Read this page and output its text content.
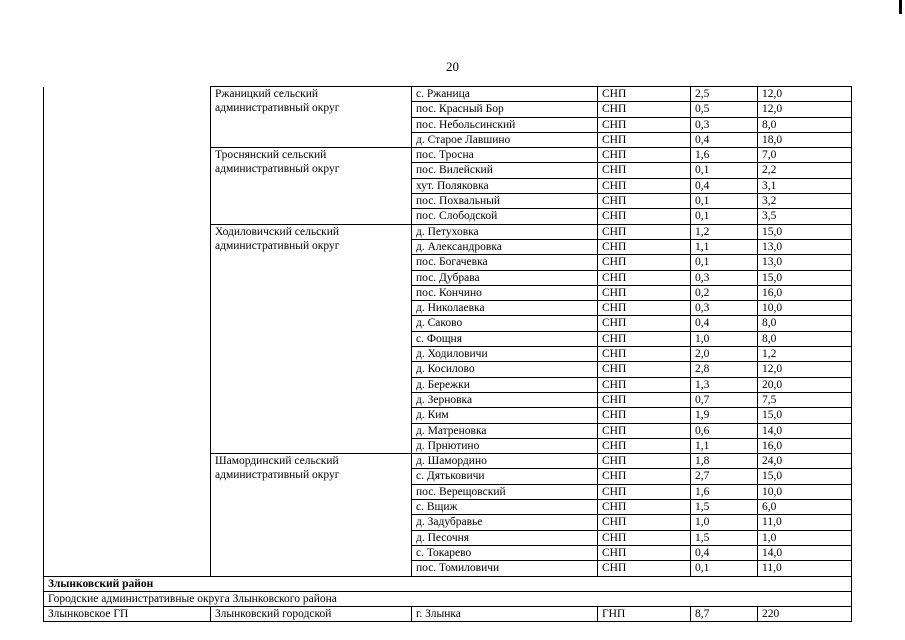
20
	Ржаницкий сельский административный округ	с. Ржаница	СНП	2,5	12,0
		пос. Красный Бор	СНП	0,5	12,0
		пос. Небольсинский	СНП	0,3	8,0
		д. Старое Лавшино	СНП	0,4	18,0
	Троснянский сельский административный округ	пос. Тросна	СНП	1,6	7,0
		пос. Вилейский	СНП	0,1	2,2
		хут. Поляковка	СНП	0,4	3,1
		пос. Похвальный	СНП	0,1	3,2
		пос. Слободской	СНП	0,1	3,5
	Ходиловичский сельский административный округ	д. Петуховка	СНП	1,2	15,0
		д. Александровка	СНП	1,1	13,0
		пос. Богачевка	СНП	0,1	13,0
		пос. Дубрава	СНП	0,3	15,0
		пос. Кончино	СНП	0,2	16,0
		д. Николаевка	СНП	0,3	10,0
		д. Саково	СНП	0,4	8,0
		с. Фощня	СНП	1,0	8,0
		д. Ходиловичи	СНП	2,0	1,2
		д. Косилово	СНП	2,8	12,0
		д. Бережки	СНП	1,3	20,0
		д. Зерновка	СНП	0,7	7,5
		д. Ким	СНП	1,9	15,0
		д. Матреновка	СНП	0,6	14,0
		д. Прнютино	СНП	1,1	16,0
	Шамординский сельский административный округ	д. Шамордино	СНП	1,8	24,0
		с. Дятьковичи	СНП	2,7	15,0
		пос. Верещовский	СНП	1,6	10,0
		с. Вщиж	СНП	1,5	6,0
		д. Задубравье	СНП	1,0	11,0
		д. Песочня	СНП	1,5	1,0
		с. Токарево	СНП	0,4	14,0
		пос. Томиловичи	СНП	0,1	11,0
Злынковский район					
Городские административные округа Злынковского района					
Злынковское ГП	Злынковский городской	г. Злынка	ГНП	8,7	220
